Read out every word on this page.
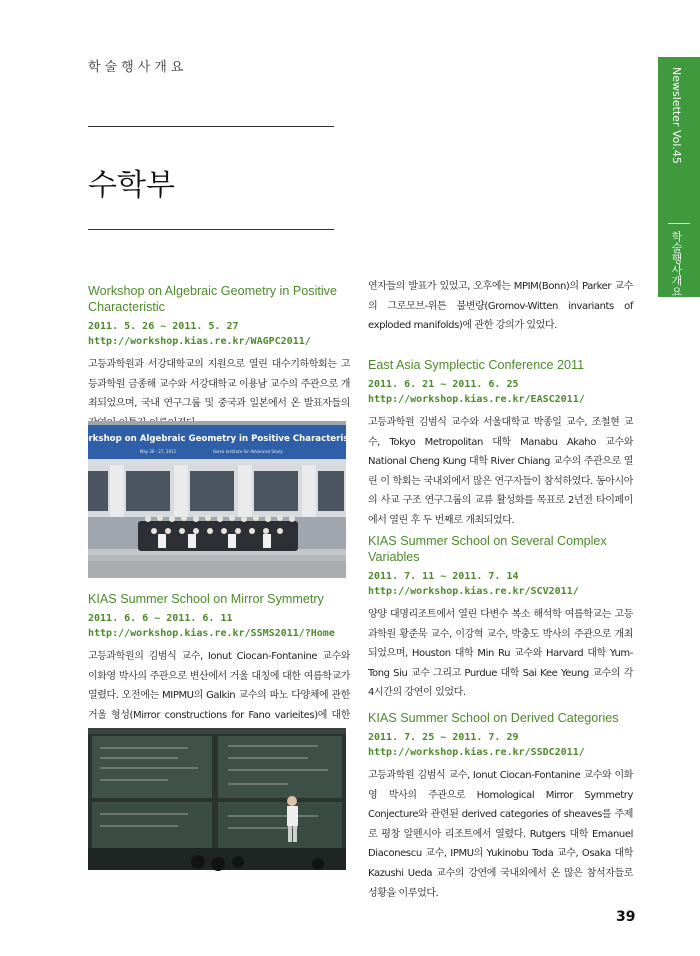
학술행사개요
수학부
Newsletter Vol.45
학술행사개요
Workshop on Algebraic Geometry in Positive Characteristic
2011. 5. 26 ~ 2011. 5. 27
http://workshop.kias.re.kr/WAGPC2011/
고등과학원과 서강대학교의 지원으로 열린 대수기하학회는 고등과학원 금종해 교수와 서강대학교 이용남 교수의 주관으로 개최되었으며, 국내 연구그룹 및 중국과 일본에서 온 발표자들의
Workshop on Algebraic Geometry in Positive Characteristic
May 26 - 27, 2011	Korea Institute for Advanced Study
KIAS Summer School on Mirror Symmetry
2011. 6. 6 ~ 2011. 6. 11
http://workshop.kias.re.kr/SSMS2011/?Home
고등과학원의 김범식 교수, Ionut Ciocan-Fontanine 교수와 이화영 박사의 주관으로 변산에서 거울 대칭에 대한 여름학교가 열렸다. 오전에는 MIPMU의 Galkin 교수의 파노 다양체에 관한 거울 형성(Mirror constructions for Fano varieites)에 대한
연자들의 발표가 있었고, 오후에는 MPIM(Bonn)의 Parker 교수의 그로모브-위튼 불변량(Gromov-Witten invariants of exploded manifolds)에 관한 강의가 있었다.
East Asia Symplectic Conference 2011
2011. 6. 21 ~ 2011. 6. 25
http://workshop.kias.re.kr/EASC2011/
고등과학원 김범식 교수와 서울대학교 박종일 교수, 조철현 교수, Tokyo Metropolitan 대학 Manabu Akaho 교수와 National Cheng Kung 대학 River Chiang 교수의 주관으로 열린 이 학회는 국내외에서 많은 연구자들이 참석하였다. 동아시아의 사교 구조 연구그룹의 교류 활성화를 목표로 2년전 타이페이에서 열린 후 두 번째로 개최되었다.
KIAS Summer School on Several Complex Variables
2011. 7. 11 ~ 2011. 7. 14
http://workshop.kias.re.kr/SCV2011/
양양 대명리조트에서 열린 다변수 복소 해석학 여름학교는 고등과학원 황준묵 교수, 이강혁 교수, 박충도 박사의 주관으로 개최되었으며, Houston 대학 Min Ru 교수와 Harvard 대학 Yum-Tong Siu 교수 그리고 Purdue 대학 Sai Kee Yeung 교수의 각 4시간의 강연이 있었다.
KIAS Summer School on Derived Categories
2011. 7. 25 ~ 2011. 7. 29
http://workshop.kias.re.kr/SSDC2011/
고등과학원 김범식 교수, Ionut Ciocan-Fontanine 교수와 이화영 박사의 주관으로 Homological Mirror Symmetry Conjecture와 관련된 derived categories of sheaves를 주제로 평창 알펜시아 리조트에서 열렸다. Rutgers 대학 Emanuel Diaconescu 교수, IPMU의 Yukinobu Toda 교수, Osaka 대학 Kazushi Ueda 교수의 강연에 국내외에서 온 많은 참석자들로 성황을 이루었다.
39
